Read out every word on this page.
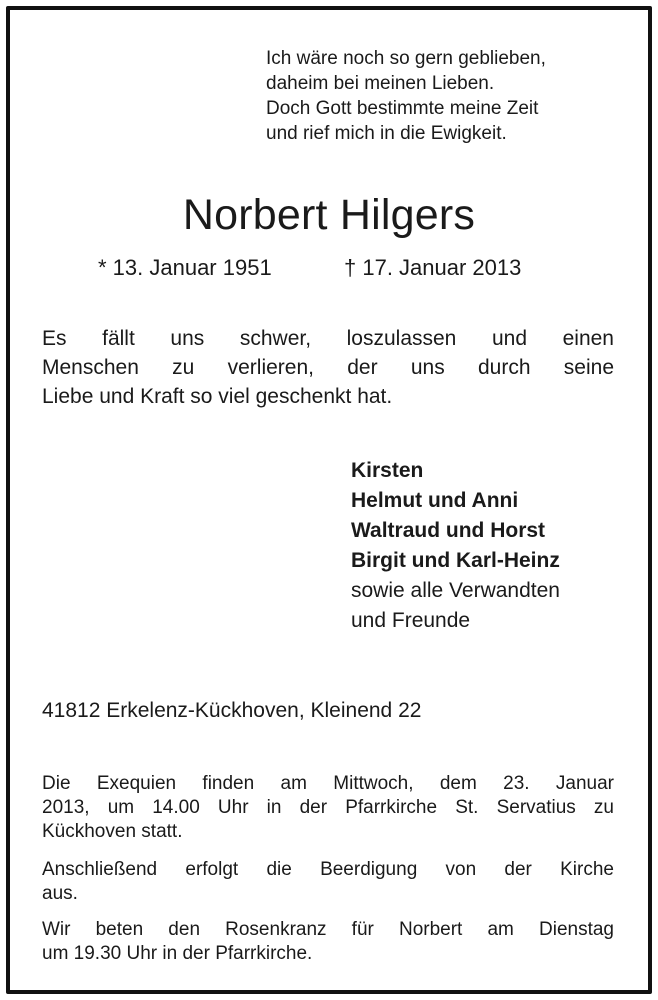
Ich wäre noch so gern geblieben,
daheim bei meinen Lieben.
Doch Gott bestimmte meine Zeit
und rief mich in die Ewigkeit.
Norbert Hilgers
* 13. Januar 1951	† 17. Januar 2013
Es fällt uns schwer, loszulassen und einen
Menschen zu verlieren, der uns durch seine
Liebe und Kraft so viel geschenkt hat.
Kirsten
Helmut und Anni
Waltraud und Horst
Birgit und Karl-Heinz
sowie alle Verwandten
und Freunde
41812 Erkelenz-Kückhoven, Kleinend 22
Die Exequien finden am Mittwoch, dem 23. Januar
2013, um 14.00 Uhr in der Pfarrkirche St. Servatius zu
Kückhoven statt.
Anschließend erfolgt die Beerdigung von der Kirche
aus.
Wir beten den Rosenkranz für Norbert am Dienstag
um 19.30 Uhr in der Pfarrkirche.
